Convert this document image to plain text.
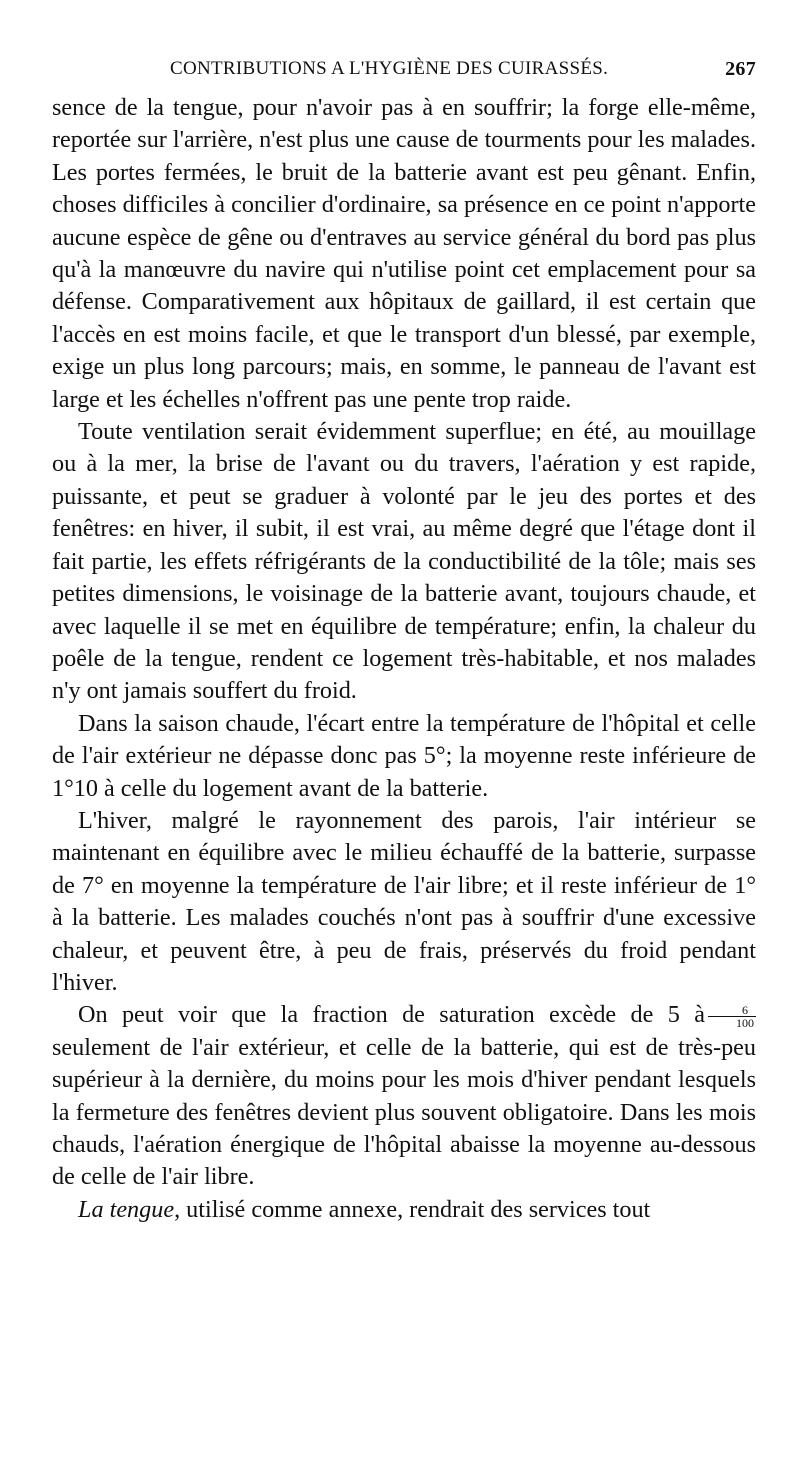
CONTRIBUTIONS A L'HYGIÈNE DES CUIRASSÉS.	267

sence de la tengue, pour n'avoir pas à en souffrir; la forge elle-même, reportée sur l'arrière, n'est plus une cause de tourments pour les malades. Les portes fermées, le bruit de la batterie avant est peu gênant. Enfin, choses difficiles à concilier d'ordinaire, sa présence en ce point n'apporte aucune espèce de gêne ou d'entraves au service général du bord pas plus qu'à la manœuvre du navire qui n'utilise point cet emplacement pour sa défense. Comparativement aux hôpitaux de gaillard, il est certain que l'accès en est moins facile, et que le transport d'un blessé, par exemple, exige un plus long parcours; mais, en somme, le panneau de l'avant est large et les échelles n'offrent pas une pente trop raide.

Toute ventilation serait évidemment superflue; en été, au mouillage ou à la mer, la brise de l'avant ou du travers, l'aération y est rapide, puissante, et peut se graduer à volonté par le jeu des portes et des fenêtres: en hiver, il subit, il est vrai, au même degré que l'étage dont il fait partie, les effets réfrigérants de la conductibilité de la tôle; mais ses petites dimensions, le voisinage de la batterie avant, toujours chaude, et avec laquelle il se met en équilibre de température; enfin, la chaleur du poêle de la tengue, rendent ce logement très-habitable, et nos malades n'y ont jamais souffert du froid.

Dans la saison chaude, l'écart entre la température de l'hôpital et celle de l'air extérieur ne dépasse donc pas 5°; la moyenne reste inférieure de 1°10 à celle du logement avant de la batterie.

L'hiver, malgré le rayonnement des parois, l'air intérieur se maintenant en équilibre avec le milieu échauffé de la batterie, surpasse de 7° en moyenne la température de l'air libre; et il reste inférieur de 1° à la batterie. Les malades couchés n'ont pas à souffrir d'une excessive chaleur, et peuvent être, à peu de frais, préservés du froid pendant l'hiver.

On peut voir que la fraction de saturation excède de 5 à $\frac{6}{100}$
seulement de l'air extérieur, et celle de la batterie, qui est de très-peu supérieur à la dernière, du moins pour les mois d'hiver pendant lesquels la fermeture des fenêtres devient plus souvent obligatoire. Dans les mois chauds, l'aération énergique de l'hôpital abaisse la moyenne au-dessous de celle de l'air libre.

La tengue, utilisé comme annexe, rendrait des services tout
